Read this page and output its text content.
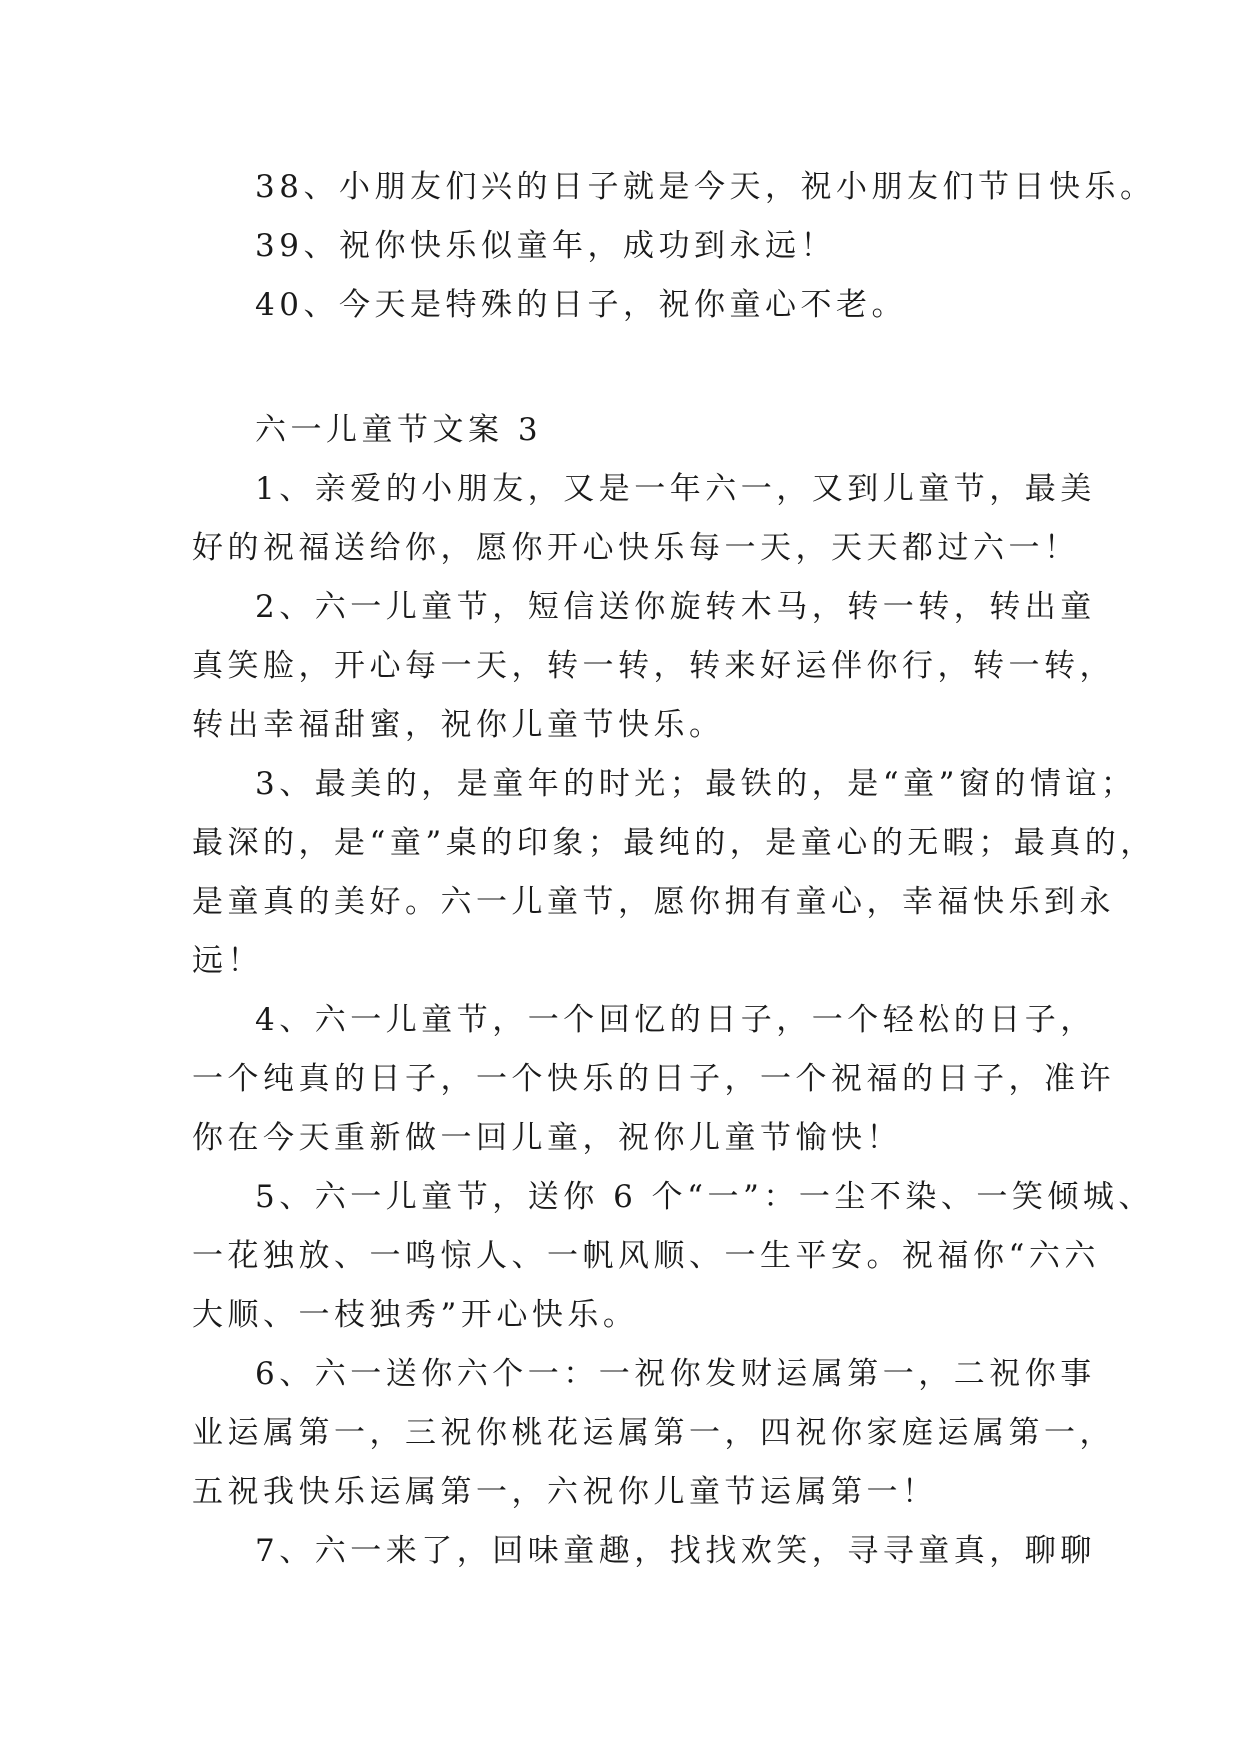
38、小朋友们兴的日子就是今天，祝小朋友们节日快乐。

39、祝你快乐似童年，成功到永远！

40、今天是特殊的日子，祝你童心不老。

六一儿童节文案 3

1、亲爱的小朋友，又是一年六一，又到儿童节，最美

好的祝福送给你，愿你开心快乐每一天，天天都过六一！

2、六一儿童节，短信送你旋转木马，转一转，转出童

真笑脸，开心每一天，转一转，转来好运伴你行，转一转，

转出幸福甜蜜，祝你儿童节快乐。

3、最美的，是童年的时光；最铁的，是“童”窗的情谊；

最深的，是“童”桌的印象；最纯的，是童心的无暇；最真的，

是童真的美好。六一儿童节，愿你拥有童心，幸福快乐到永

远！

4、六一儿童节，一个回忆的日子，一个轻松的日子，

一个纯真的日子，一个快乐的日子，一个祝福的日子，准许

你在今天重新做一回儿童，祝你儿童节愉快！

5、六一儿童节，送你 6 个“一”：一尘不染、一笑倾城、

一花独放、一鸣惊人、一帆风顺、一生平安。祝福你“六六

大顺、一枝独秀”开心快乐。

6、六一送你六个一：一祝你发财运属第一，二祝你事

业运属第一，三祝你桃花运属第一，四祝你家庭运属第一，

五祝我快乐运属第一，六祝你儿童节运属第一！

7、六一来了，回味童趣，找找欢笑，寻寻童真，聊聊
